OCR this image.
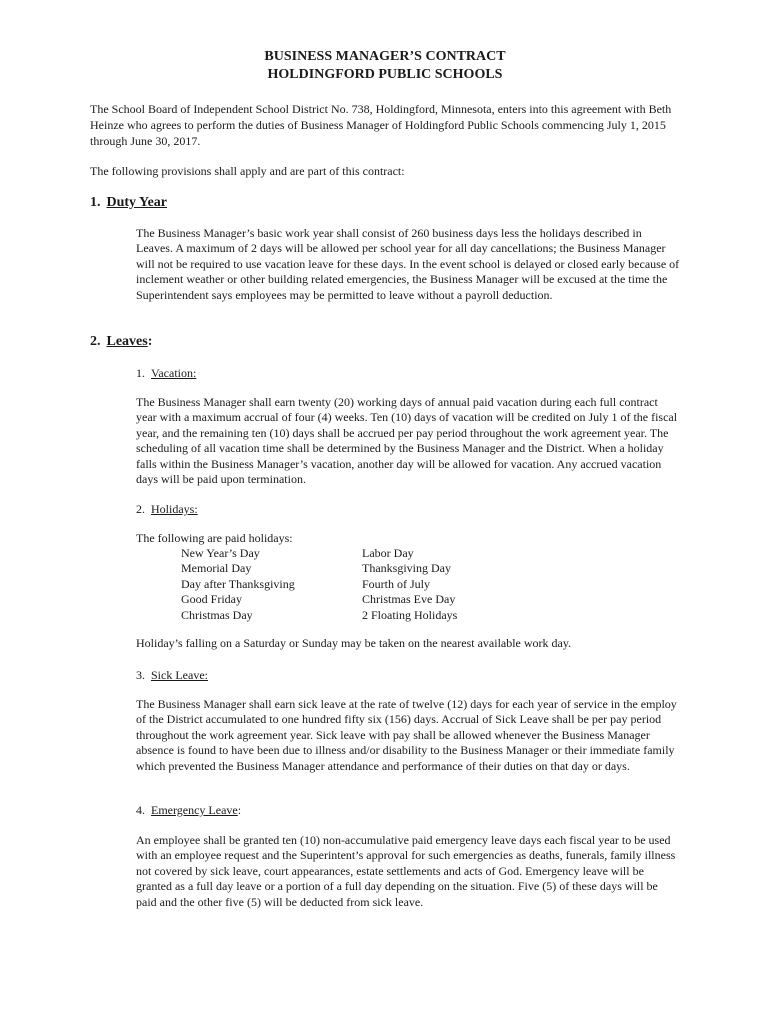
BUSINESS MANAGER’S CONTRACT
HOLDINGFORD PUBLIC SCHOOLS

The School Board of Independent School District No. 738, Holdingford, Minnesota, enters into this agreement with Beth Heinze who agrees to perform the duties of Business Manager of Holdingford Public Schools commencing July 1, 2015 through June 30, 2017.

The following provisions shall apply and are part of this contract:

1. Duty Year

The Business Manager’s basic work year shall consist of 260 business days less the holidays described in Leaves. A maximum of 2 days will be allowed per school year for all day cancellations; the Business Manager will not be required to use vacation leave for these days. In the event school is delayed or closed early because of inclement weather or other building related emergencies, the Business Manager will be excused at the time the Superintendent says employees may be permitted to leave without a payroll deduction.

2. Leaves:

1. Vacation:

The Business Manager shall earn twenty (20) working days of annual paid vacation during each full contract year with a maximum accrual of four (4) weeks. Ten (10) days of vacation will be credited on July 1 of the fiscal year, and the remaining ten (10) days shall be accrued per pay period throughout the work agreement year. The scheduling of all vacation time shall be determined by the Business Manager and the District. When a holiday falls within the Business Manager’s vacation, another day will be allowed for vacation. Any accrued vacation days will be paid upon termination.

2. Holidays:

The following are paid holidays:

New Year’s Day
Memorial Day
Day after Thanksgiving
Good Friday
Christmas Day
Labor Day
Thanksgiving Day
Fourth of July
Christmas Eve Day
2 Floating Holidays

Holiday’s falling on a Saturday or Sunday may be taken on the nearest available work day.

3. Sick Leave:

The Business Manager shall earn sick leave at the rate of twelve (12) days for each year of service in the employ of the District accumulated to one hundred fifty six (156) days. Accrual of Sick Leave shall be per pay period throughout the work agreement year. Sick leave with pay shall be allowed whenever the Business Manager absence is found to have been due to illness and/or disability to the Business Manager or their immediate family which prevented the Business Manager attendance and performance of their duties on that day or days.

4. Emergency Leave:

An employee shall be granted ten (10) non-accumulative paid emergency leave days each fiscal year to be used with an employee request and the Superintent’s approval for such emergencies as deaths, funerals, family illness not covered by sick leave, court appearances, estate settlements and acts of God. Emergency leave will be granted as a full day leave or a portion of a full day depending on the situation. Five (5) of these days will be paid and the other five (5) will be deducted from sick leave.
